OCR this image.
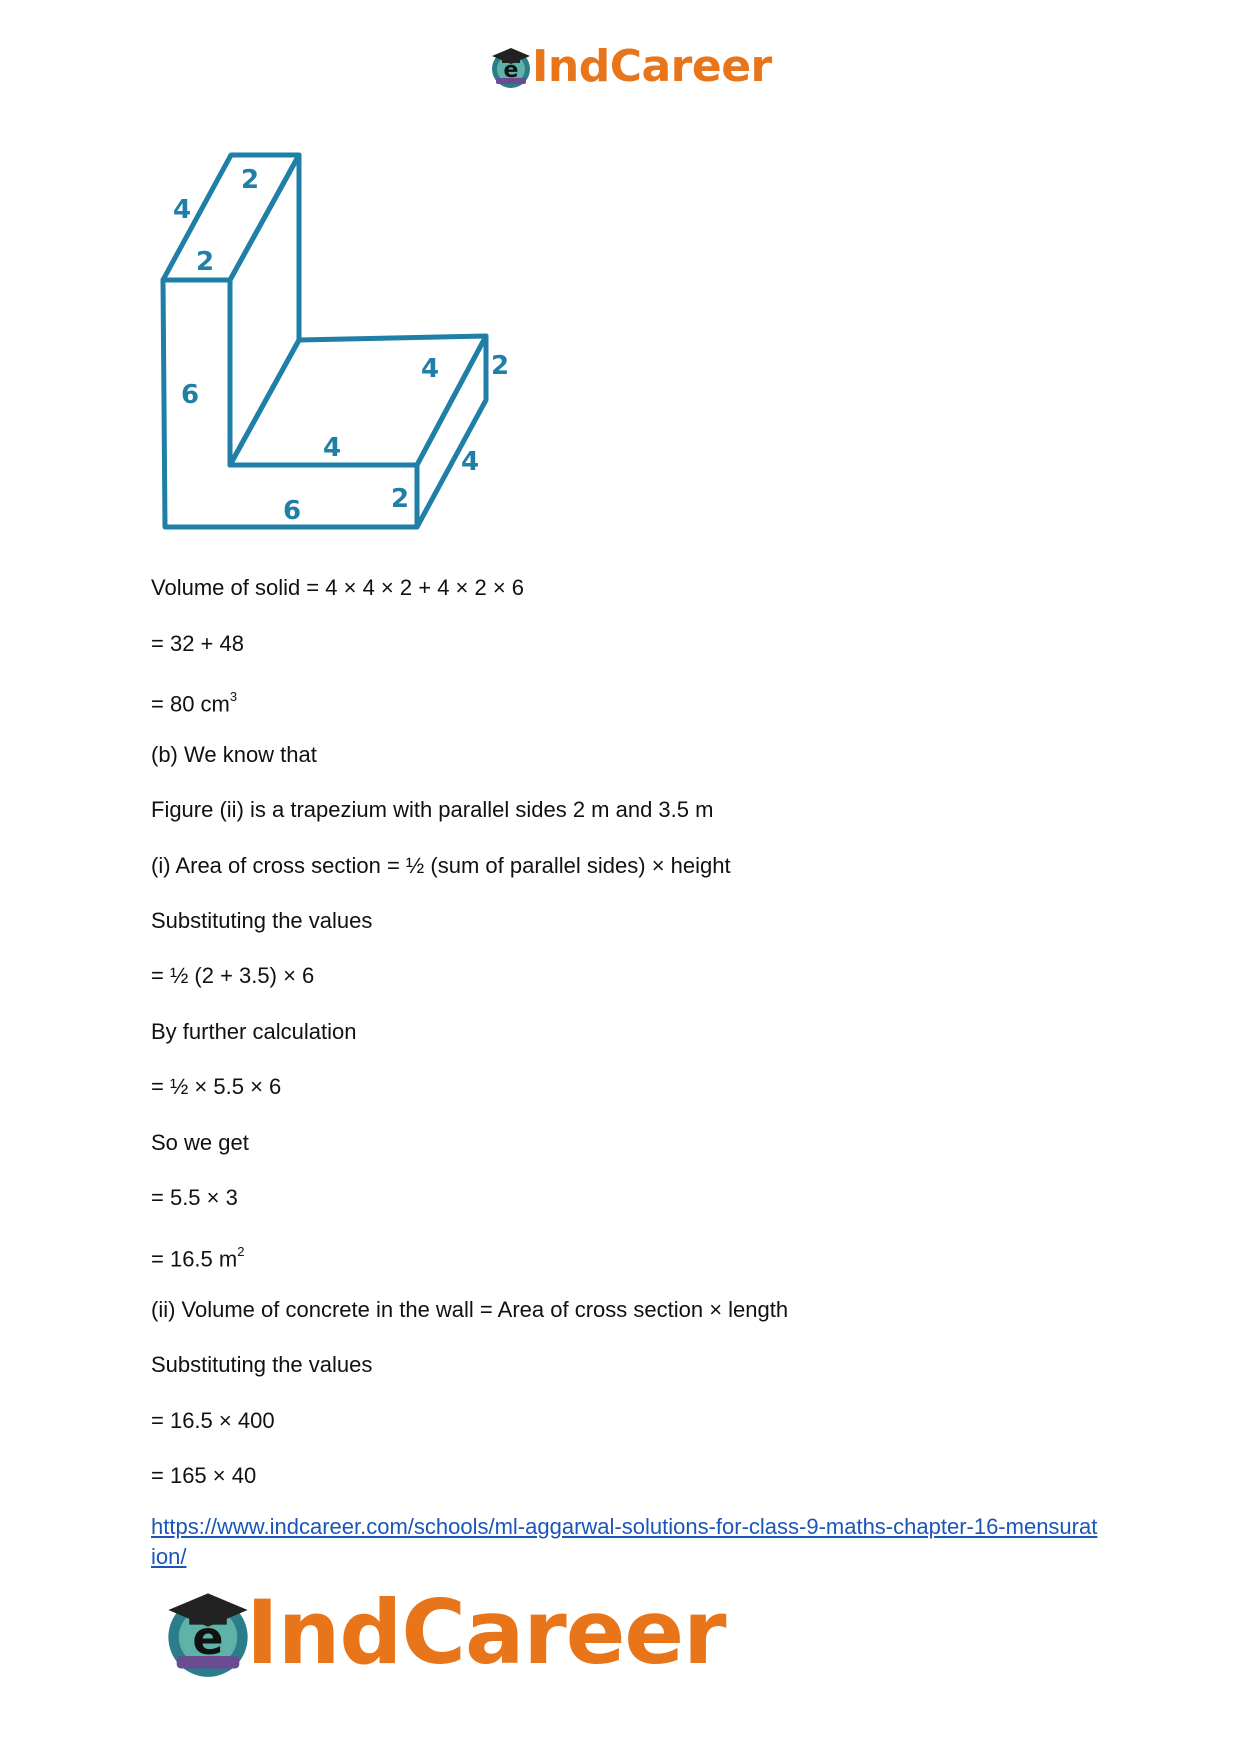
e IndCareer
2
4
2
6
4 2
4	4
2
6
Volume of solid = 4 × 4 × 2 + 4 × 2 × 6
= 32 + 48
= 80 $cm^3$
(b) We know that
Figure (ii) is a trapezium with parallel sides 2 m and 3.5 m
(i) Area of cross section = ½ (sum of parallel sides) × height
Substituting the values
= ½ (2 + 3.5) × 6
By further calculation
= ½ × 5.5 × 6
So we get
= 5.5 × 3
= 16.5 $m^2$
(ii) Volume of concrete in the wall = Area of cross section × length
Substituting the values
= 16.5 × 400
= 165 × 40
https://www.indcareer.com/schools/ml-aggarwal-solutions-for-class-9-maths-chapter-16-mensuration/
e IndCareer
